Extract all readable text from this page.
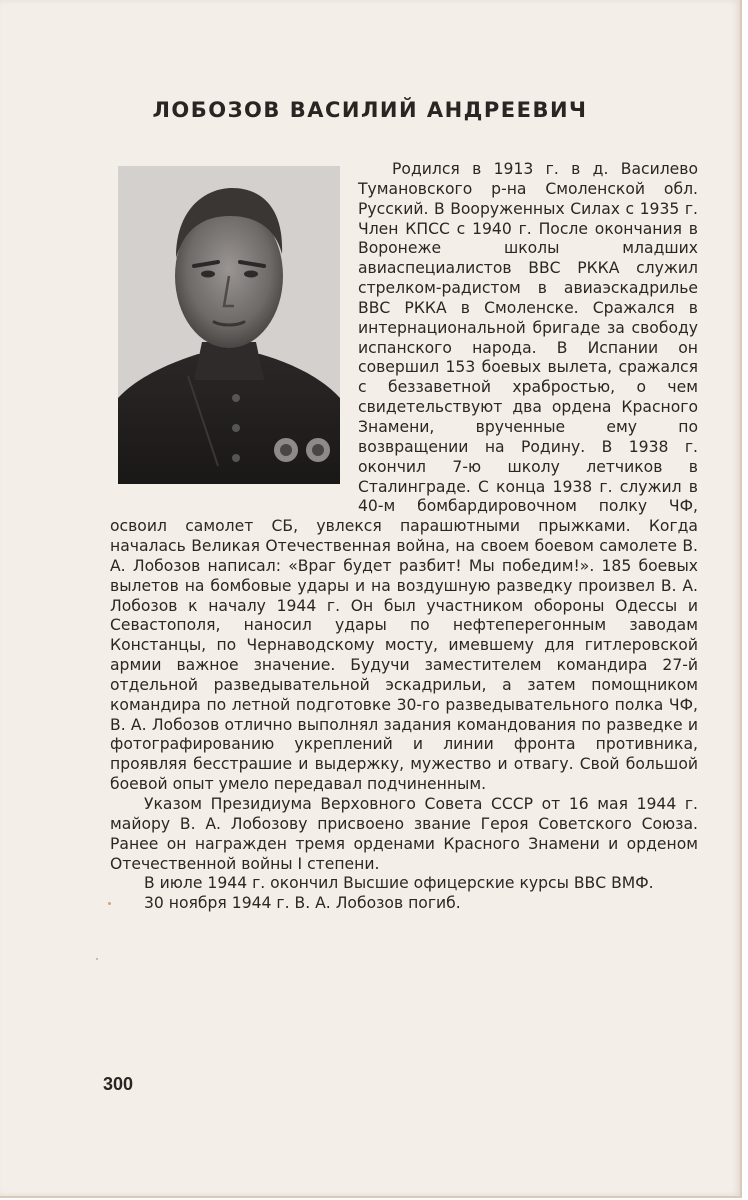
ЛОБОЗОВ ВАСИЛИЙ АНДРЕЕВИЧ

Родился в 1913 г. в д. Василево Тумановского р-на Смоленской обл. Русский. В Вооруженных Силах с 1935 г. Член КПСС с 1940 г. После окончания в Воронеже школы младших авиаспециалистов ВВС РККА служил стрелком-радистом в авиаэскадрилье ВВС РККА в Смоленске. Сражался в интернациональной бригаде за свободу испанского народа. В Испании он совершил 153 боевых вылета, сражался с беззаветной храбростью, о чем свидетельствуют два ордена Красного Знамени, врученные ему по возвращении на Родину. В 1938 г. окончил 7-ю школу летчиков в Сталинграде. С конца 1938 г. служил в 40-м бомбардировочном полку ЧФ, освоил самолет СБ, увлекся парашютными прыжками. Когда началась Великая Отечественная война, на своем боевом самолете В. А. Лобозов написал: «Враг будет разбит! Мы победим!». 185 боевых вылетов на бомбовые удары и на воздушную разведку произвел В. А. Лобозов к началу 1944 г. Он был участником обороны Одессы и Севастополя, наносил удары по нефтеперегонным заводам Констанцы, по Чернаводскому мосту, имевшему для гитлеровской армии важное значение. Будучи заместителем командира 27-й отдельной разведывательной эскадрильи, а затем помощником командира по летной подготовке 30-го разведывательного полка ЧФ, В. А. Лобозов отлично выполнял задания командования по разведке и фотографированию укреплений и линии фронта противника, проявляя бесстрашие и выдержку, мужество и отвагу. Свой большой боевой опыт умело передавал подчиненным.

Указом Президиума Верховного Совета СССР от 16 мая 1944 г. майору В. А. Лобозову присвоено звание Героя Советского Союза. Ранее он награжден тремя орденами Красного Знамени и орденом Отечественной войны I степени.

В июле 1944 г. окончил Высшие офицерские курсы ВВС ВМФ.

30 ноября 1944 г. В. А. Лобозов погиб.

300
